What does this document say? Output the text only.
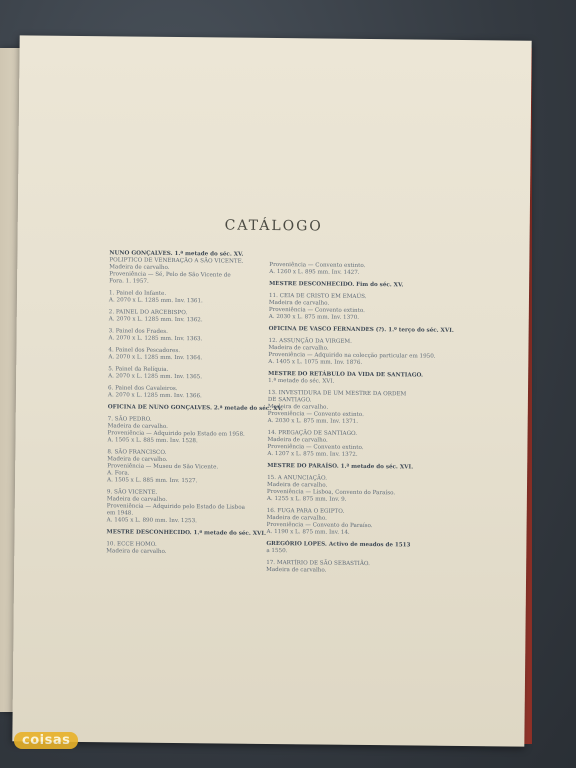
CATÁLOGO
NUNO GONÇALVES. 1.ª metade do séc. XV.
POLIPTICO DE VENERAÇÃO A SÃO VICENTE.
Madeira de carvalho.
Proveniência — Sé, Pelo de São Vicente de
Fora. 1. 1957.
1. Painel do Infante.
A. 2070 x L. 1285 mm. Inv. 1361.
2. PAINEL DO ARCEBISPO.
A. 2070 x L. 1285 mm. Inv. 1362.
3. Painel dos Frades.
A. 2070 x L. 1285 mm. Inv. 1363.
4. Painel dos Pescadores.
A. 2070 x L. 1285 mm. Inv. 1364.
5. Painel da Relíquia.
A. 2070 x L. 1285 mm. Inv. 1365.
6. Painel dos Cavaleiros.
A. 2070 x L. 1285 mm. Inv. 1366.
OFICINA DE NUNO GONÇALVES. 2.ª metade do séc. XV.
7. SÃO PEDRO.
Madeira de carvalho.
Proveniência — Adquirido pelo Estado em 1958.
A. 1505 x L. 885 mm. Inv. 1528.
8. SÃO FRANCISCO.
Madeira de carvalho.
Proveniência — Museu de São Vicente.
A. Fora.
A. 1505 x L. 885 mm. Inv. 1527.
9. SÃO VICENTE.
Madeira de carvalho.
Proveniência — Adquirido pelo Estado de Lisboa
em 1948.
A. 1405 x L. 890 mm. Inv. 1253.
MESTRE DESCONHECIDO. 1.ª metade do séc. XVI.
10. ECCE HOMO.
Madeira de carvalho.
Proveniência — Convento extinto.
A. 1260 x L. 895 mm. Inv. 1427.
MESTRE DESCONHECIDO. Fim do séc. XV.
11. CEIA DE CRISTO EM EMAÚS.
Madeira de carvalho.
Proveniência — Convento extinto.
A. 2030 x L. 875 mm. Inv. 1370.
OFICINA DE VASCO FERNANDES (?). 1.º terço do séc. XVI.
12. ASSUNÇÃO DA VIRGEM.
Madeira de carvalho.
Proveniência — Adquirido na colecção particular em 1950.
A. 1405 x L. 1075 mm. Inv. 1876.
MESTRE DO RETÁBULO DA VIDA DE SANTIAGO.
1.ª metade do séc. XVI.
13. INVESTIDURA DE UM MESTRE DA ORDEM
DE SANTIAGO.
Madeira de carvalho.
Proveniência — Convento extinto.
A. 2030 x L. 875 mm. Inv. 1371.
14. PREGAÇÃO DE SANTIAGO.
Madeira de carvalho.
Proveniência — Convento extinto.
A. 1207 x L. 875 mm. Inv. 1372.
MESTRE DO PARAÍSO. 1.ª metade do séc. XVI.
15. A ANUNCIAÇÃO.
Madeira de carvalho.
Proveniência — Lisboa, Convento do Paraíso.
A. 1255 x L. 875 mm. Inv. 9.
16. FUGA PARA O EGIPTO.
Madeira de carvalho.
Proveniência — Convento do Paraíso.
A. 1190 x L. 875 mm. Inv. 14.
GREGÓRIO LOPES. Activo de meados de 1513
a 1550.
17. MARTÍRIO DE SÃO SEBASTIÃO.
Madeira de carvalho.
coisas
